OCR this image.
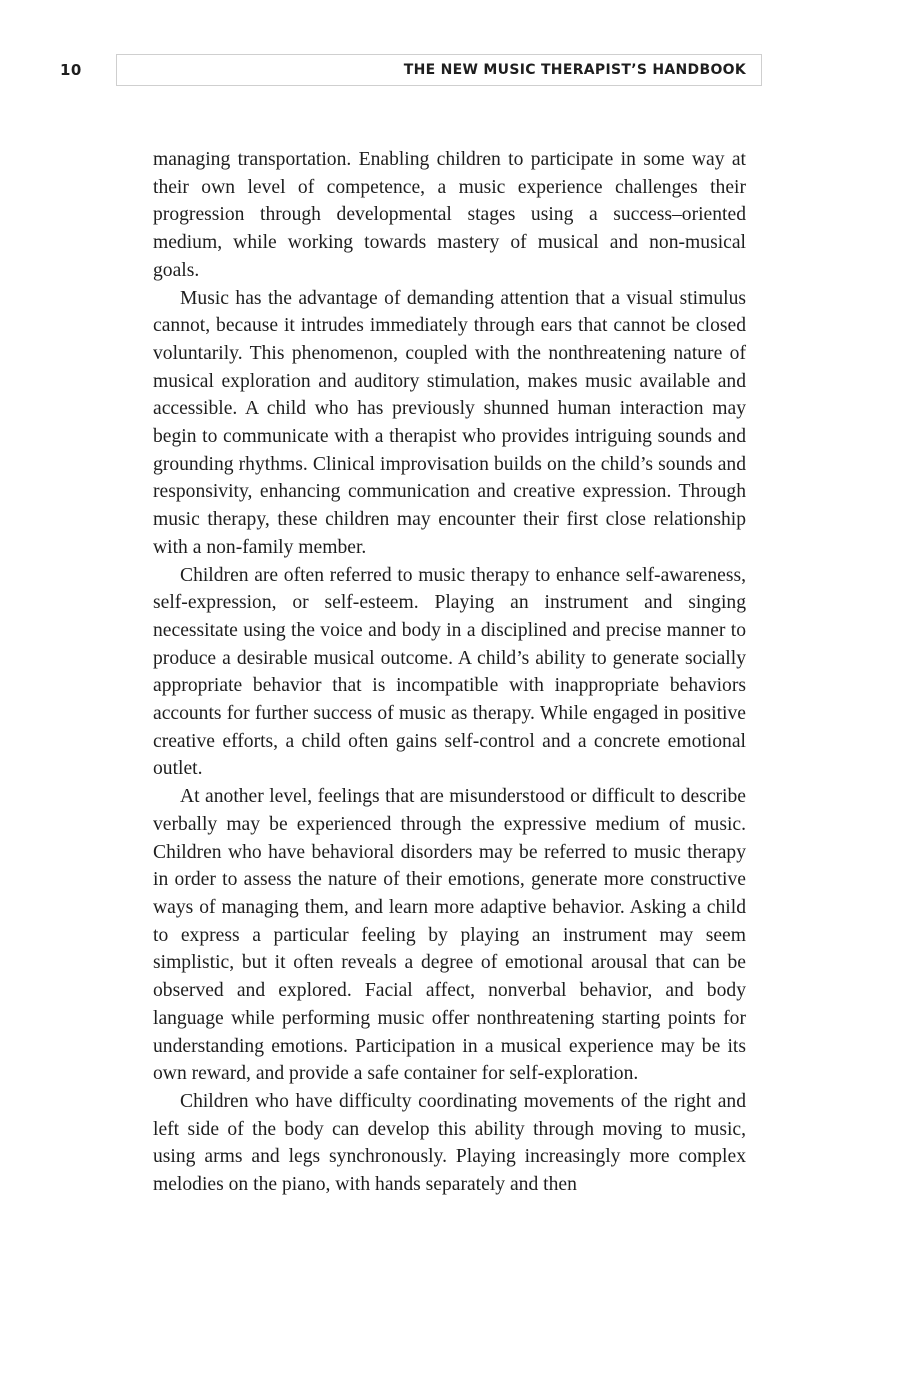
10	THE NEW MUSIC THERAPIST’S HANDBOOK

managing transportation. Enabling children to participate in some way at their own level of competence, a music experience challenges their progression through developmental stages using a success–oriented medium, while working towards mastery of musical and non-musical goals.

Music has the advantage of demanding attention that a visual stimulus cannot, because it intrudes immediately through ears that cannot be closed voluntarily. This phenomenon, coupled with the nonthreatening nature of musical exploration and auditory stimulation, makes music available and accessible. A child who has previously shunned human interaction may begin to communicate with a therapist who provides intriguing sounds and grounding rhythms. Clinical improvisation builds on the child’s sounds and responsivity, enhancing communication and creative expression. Through music therapy, these children may encounter their first close relationship with a non-family member.

Children are often referred to music therapy to enhance self-awareness, self-expression, or self-esteem. Playing an instrument and singing necessitate using the voice and body in a disciplined and precise manner to produce a desirable musical outcome. A child’s ability to generate socially appropriate behavior that is incompatible with inappropriate behaviors accounts for further success of music as therapy. While engaged in positive creative efforts, a child often gains self-control and a concrete emotional outlet.

At another level, feelings that are misunderstood or difficult to describe verbally may be experienced through the expressive medium of music. Children who have behavioral disorders may be referred to music therapy in order to assess the nature of their emotions, generate more constructive ways of managing them, and learn more adaptive behavior. Asking a child to express a particular feeling by playing an instrument may seem simplistic, but it often reveals a degree of emotional arousal that can be observed and explored. Facial affect, nonverbal behavior, and body language while performing music offer nonthreatening starting points for understanding emotions. Participation in a musical experience may be its own reward, and provide a safe container for self-exploration.

Children who have difficulty coordinating movements of the right and left side of the body can develop this ability through moving to music, using arms and legs synchronously. Playing increasingly more complex melodies on the piano, with hands separately and then
